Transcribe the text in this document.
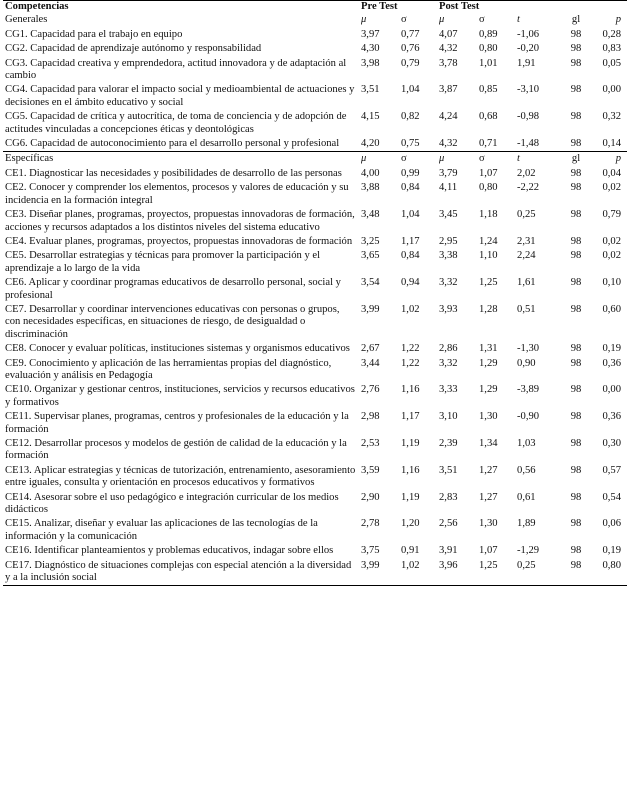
Competencias	Pre Test		Post Test				
Generales	μ	σ	μ	σ	t	gl	p
CG1. Capacidad para el trabajo en equipo	3,97	0,77	4,07	0,89	-1,06	98	0,28
CG2. Capacidad de aprendizaje autónomo y responsabilidad	4,30	0,76	4,32	0,80	-0,20	98	0,83
CG3. Capacidad creativa y emprendedora, actitud innovadora y de adaptación al cambio	3,98	0,79	3,78	1,01	1,91	98	0,05
CG4. Capacidad para valorar el impacto social y medioambiental de actuaciones y decisiones en el ámbito educativo y social	3,51	1,04	3,87	0,85	-3,10	98	0,00
CG5. Capacidad de crítica y autocrítica, de toma de conciencia y de adopción de actitudes vinculadas a concepciones éticas y deontológicas	4,15	0,82	4,24	0,68	-0,98	98	0,32
CG6. Capacidad de autoconocimiento para el desarrollo personal y profesional	4,20	0,75	4,32	0,71	-1,48	98	0,14
Específicas	μ	σ	μ	σ	t	gl	p
CE1. Diagnosticar las necesidades y posibilidades de desarrollo de las personas	4,00	0,99	3,79	1,07	2,02	98	0,04
CE2. Conocer y comprender los elementos, procesos y valores de educación y su incidencia en la formación integral	3,88	0,84	4,11	0,80	-2,22	98	0,02
CE3. Diseñar planes, programas, proyectos, propuestas innovadoras de formación, acciones y recursos adaptados a los distintos niveles del sistema educativo	3,48	1,04	3,45	1,18	0,25	98	0,79
CE4. Evaluar planes, programas, proyectos, propuestas innovadoras de formación	3,25	1,17	2,95	1,24	2,31	98	0,02
CE5. Desarrollar estrategias y técnicas para promover la participación y el aprendizaje a lo largo de la vida	3,65	0,84	3,38	1,10	2,24	98	0,02
CE6. Aplicar y coordinar programas educativos de desarrollo personal, social y profesional	3,54	0,94	3,32	1,25	1,61	98	0,10
CE7. Desarrollar y coordinar intervenciones educativas con personas o grupos, con necesidades específicas, en situaciones de riesgo, de desigualdad o discriminación	3,99	1,02	3,93	1,28	0,51	98	0,60
CE8. Conocer y evaluar políticas, instituciones sistemas y organismos educativos	2,67	1,22	2,86	1,31	-1,30	98	0,19
CE9. Conocimiento y aplicación de las herramientas propias del diagnóstico, evaluación y análisis en Pedagogía	3,44	1,22	3,32	1,29	0,90	98	0,36
CE10. Organizar y gestionar centros, instituciones, servicios y recursos educativos y formativos	2,76	1,16	3,33	1,29	-3,89	98	0,00
CE11. Supervisar planes, programas, centros y profesionales de la educación y la formación	2,98	1,17	3,10	1,30	-0,90	98	0,36
CE12. Desarrollar procesos y modelos de gestión de calidad de la educación y la formación	2,53	1,19	2,39	1,34	1,03	98	0,30
CE13. Aplicar estrategias y técnicas de tutorización, entrenamiento, asesoramiento entre iguales, consulta y orientación en procesos educativos y formativos	3,59	1,16	3,51	1,27	0,56	98	0,57
CE14. Asesorar sobre el uso pedagógico e integración curricular de los medios didácticos	2,90	1,19	2,83	1,27	0,61	98	0,54
CE15. Analizar, diseñar y evaluar las aplicaciones de las tecnologías de la información y la comunicación	2,78	1,20	2,56	1,30	1,89	98	0,06
CE16. Identificar planteamientos y problemas educativos, indagar sobre ellos	3,75	0,91	3,91	1,07	-1,29	98	0,19
CE17. Diagnóstico de situaciones complejas con especial atención a la diversidad y a la inclusión social	3,99	1,02	3,96	1,25	0,25	98	0,80
